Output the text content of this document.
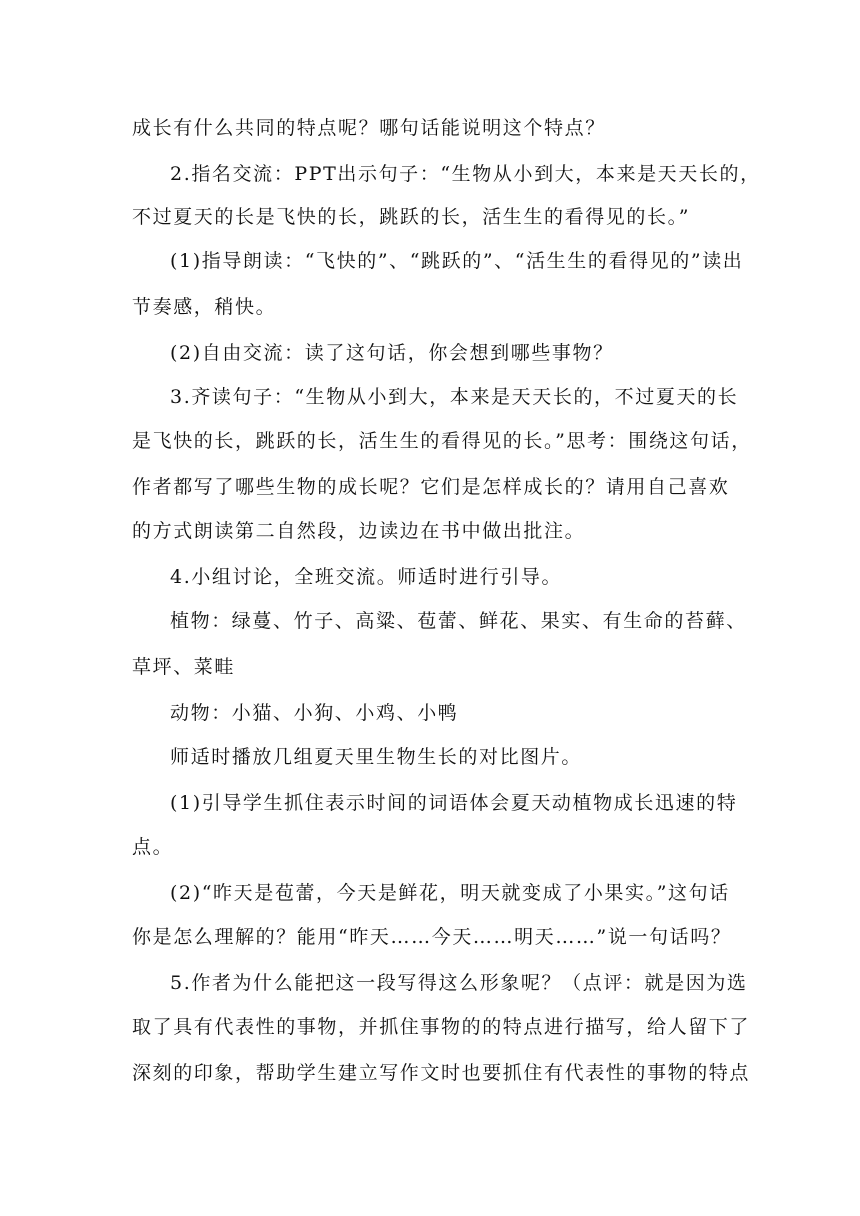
成长有什么共同的特点呢？哪句话能说明这个特点？
2.指名交流：PPT出示句子：“生物从小到大，本来是天天长的，
不过夏天的长是飞快的长，跳跃的长，活生生的看得见的长。”
(1)指导朗读：“飞快的”、“跳跃的”、“活生生的看得见的”读出
节奏感，稍快。
(2)自由交流：读了这句话，你会想到哪些事物？
3.齐读句子：“生物从小到大，本来是天天长的，不过夏天的长
是飞快的长，跳跃的长，活生生的看得见的长。”思考：围绕这句话，
作者都写了哪些生物的成长呢？它们是怎样成长的？请用自己喜欢
的方式朗读第二自然段，边读边在书中做出批注。
4.小组讨论，全班交流。师适时进行引导。
植物：绿蔓、竹子、高粱、苞蕾、鲜花、果实、有生命的苔藓、
草坪、菜畦
动物：小猫、小狗、小鸡、小鸭
师适时播放几组夏天里生物生长的对比图片。
(1)引导学生抓住表示时间的词语体会夏天动植物成长迅速的特
点。
(2)“昨天是苞蕾，今天是鲜花，明天就变成了小果实。”这句话
你是怎么理解的？能用“昨天……今天……明天……”说一句话吗？
5.作者为什么能把这一段写得这么形象呢？（点评：就是因为选
取了具有代表性的事物，并抓住事物的的特点进行描写，给人留下了
深刻的印象，帮助学生建立写作文时也要抓住有代表性的事物的特点
